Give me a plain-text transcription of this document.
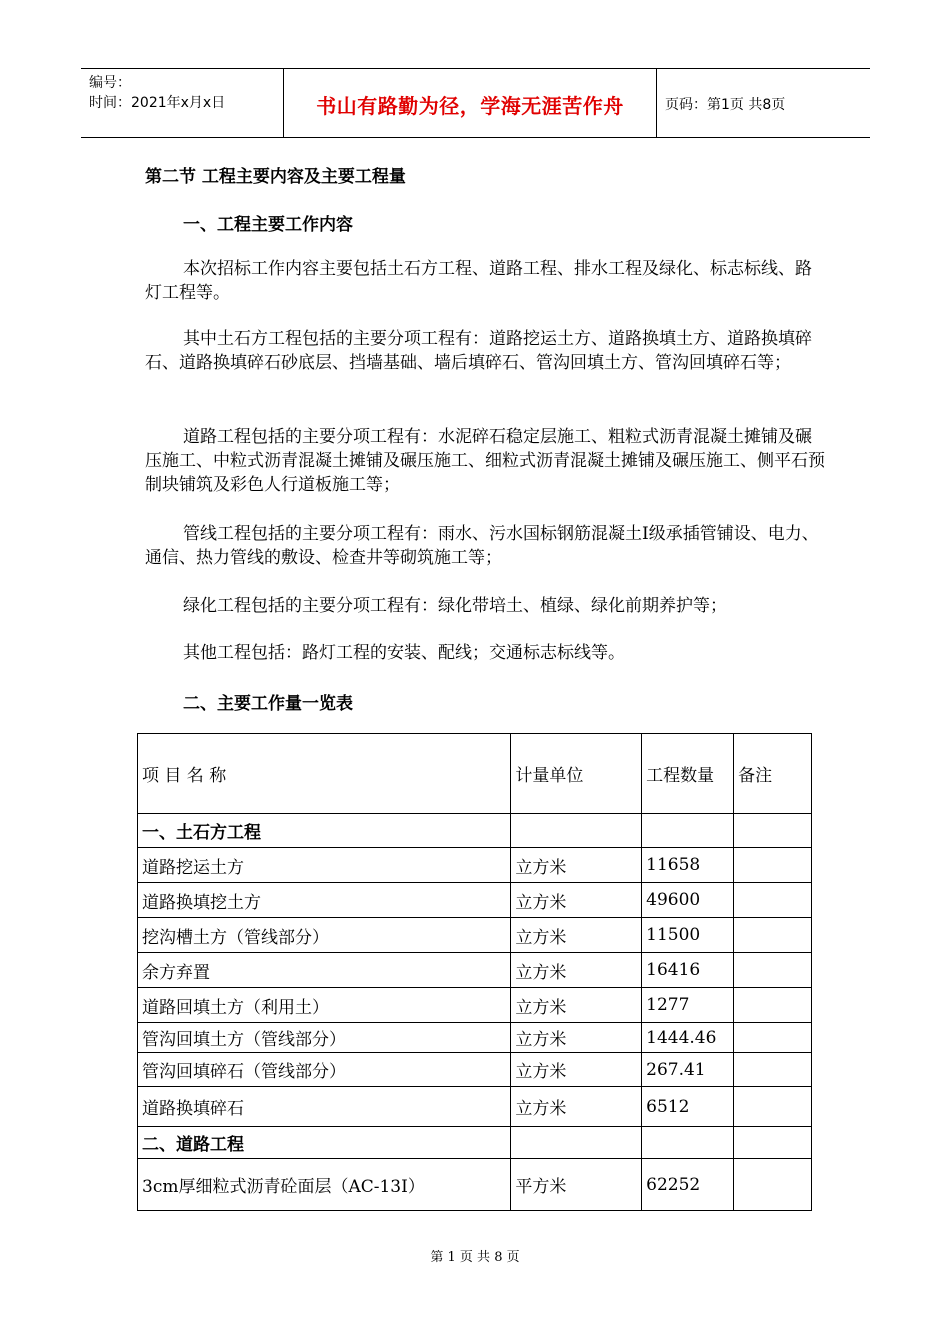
编号：
时间：2021年x月x日	书山有路勤为径，学海无涯苦作舟	页码：第1页 共8页
第二节 工程主要内容及主要工程量
一、工程主要工作内容
本次招标工作内容主要包括土石方工程、道路工程、排水工程及绿化、标志标线、路灯工程等。
其中土石方工程包括的主要分项工程有：道路挖运土方、道路换填土方、道路换填碎石、道路换填碎石砂底层、挡墙基础、墙后填碎石、管沟回填土方、管沟回填碎石等；
道路工程包括的主要分项工程有：水泥碎石稳定层施工、粗粒式沥青混凝土摊铺及碾压施工、中粒式沥青混凝土摊铺及碾压施工、细粒式沥青混凝土摊铺及碾压施工、侧平石预制块铺筑及彩色人行道板施工等；
管线工程包括的主要分项工程有：雨水、污水国标钢筋混凝土Ⅰ级承插管铺设、电力、通信、热力管线的敷设、检查井等砌筑施工等；
绿化工程包括的主要分项工程有：绿化带培土、植绿、绿化前期养护等；
其他工程包括：路灯工程的安装、配线；交通标志标线等。
二、主要工作量一览表
项 目 名 称	计量单位	工程数量	备注
一、土石方工程			
道路挖运土方	立方米	11658	
道路换填挖土方	立方米	49600	
挖沟槽土方（管线部分）	立方米	11500	
余方弃置	立方米	16416	
道路回填土方（利用土）	立方米	1277	
管沟回填土方（管线部分）	立方米	1444.46	
管沟回填碎石（管线部分）	立方米	267.41	
道路换填碎石	立方米	6512	
二、道路工程			
3cm厚细粒式沥青砼面层（AC-13I）	平方米	62252	
第 1 页 共 8 页
